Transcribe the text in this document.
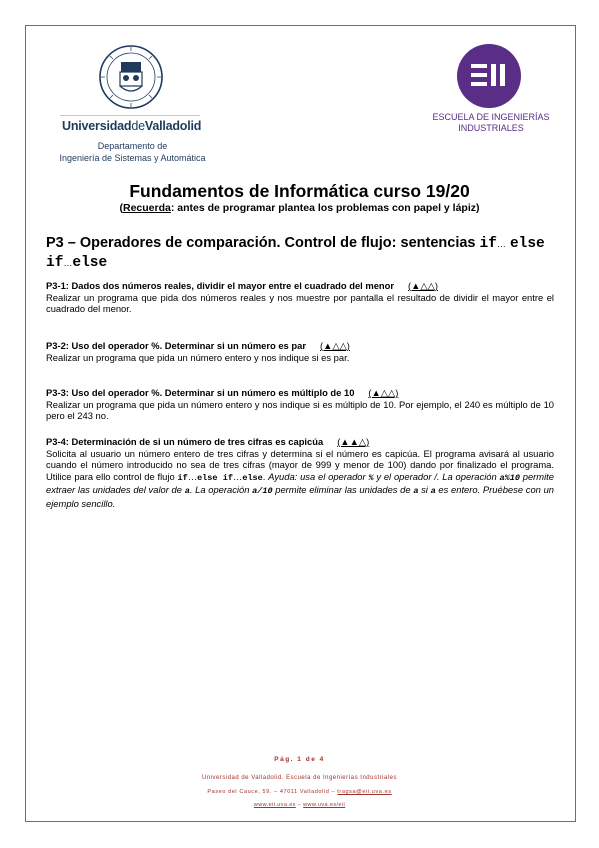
UniversidaddeValladolid
Departamento de
Ingeniería de Sistemas y Automática
ESCUELA DE INGENIERÍAS
INDUSTRIALES
Fundamentos de Informática curso 19/20
(Recuerda: antes de programar plantea los problemas con papel y lápiz)
P3 – Operadores de comparación. Control de flujo: sentencias if… else if…else
P3-1: Dados dos números reales, dividir el mayor entre el cuadrado del menor (▲△△)

Realizar un programa que pida dos números reales y nos muestre por pantalla el resultado de dividir el mayor entre el cuadrado del menor.

P3-2: Uso del operador %. Determinar si un número es par (▲△△)

Realizar un programa que pida un número entero y nos indique si es par.

P3-3: Uso del operador %. Determinar si un número es múltiplo de 10 (▲△△)

Realizar un programa que pida un número entero y nos indique si es múltiplo de 10. Por ejemplo, el 240 es múltiplo de 10 pero el 243 no.

P3-4: Determinación de si un número de tres cifras es capicúa (▲▲△)

Solicita al usuario un número entero de tres cifras y determina si el número es capicúa. El programa avisará al usuario cuando el número introducido no sea de tres cifras (mayor de 999 y menor de 100) dando por finalizado el programa. Utilice para ello control de flujo if…else if…else. Ayuda: usa el operador % y el operador /. La operación a%10 permite extraer las unidades del valor de a. La operación a/10 permite eliminar las unidades de a si a es entero. Pruébese con un ejemplo sencillo.

Pág. 1 de 4
Universidad de Valladolid. Escuela de Ingenierías Industriales
Paseo del Cauce, 59. – 47011 Valladolid – tragsa@eii.uva.es
www.eii.uva.es – www.uva.es/eii
